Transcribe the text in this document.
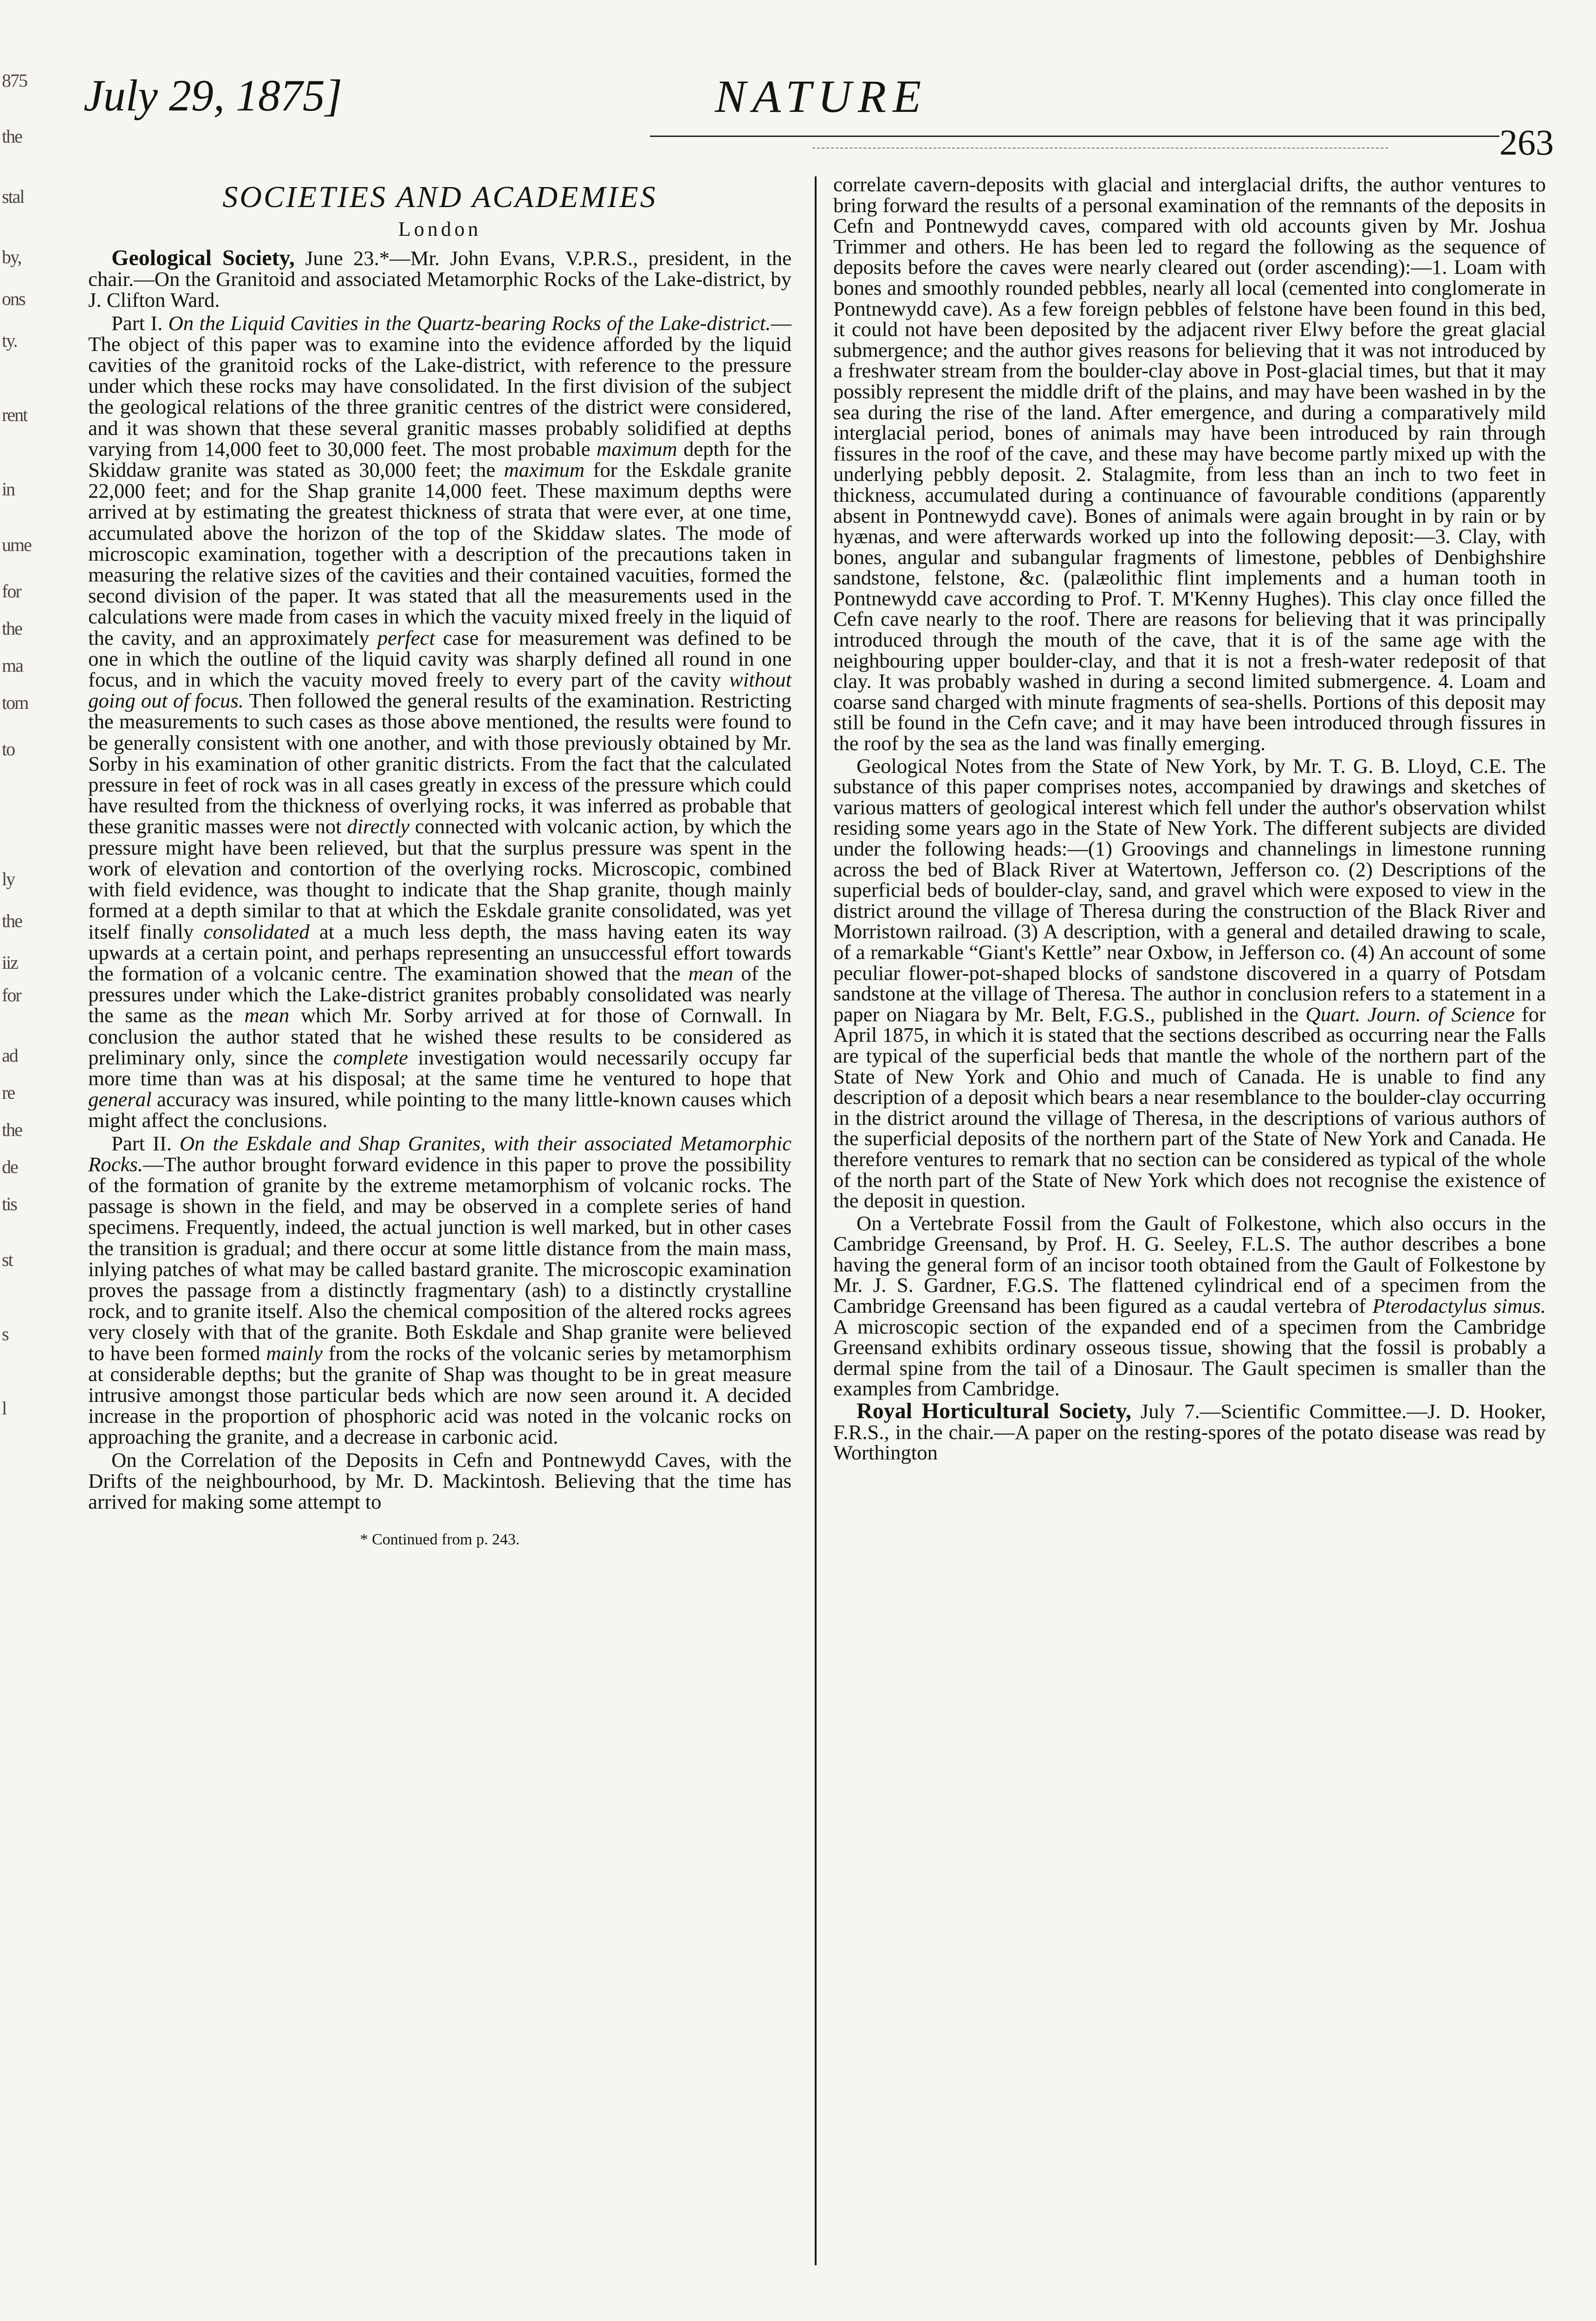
875
the
stal
by,
ons
ty.
rent
in
ume
for
the
ma
tom
to
ly
the
iiz
for
ad
re
the
de
tis
st
s
l
July 29, 1875]	NATURE
263
SOCIETIES AND ACADEMIES
London

Geological Society, June 23.*—Mr. John Evans, V.P.R.S., president, in the chair.—On the Granitoid and associated Metamorphic Rocks of the Lake-district, by J. Clifton Ward.

Part I. On the Liquid Cavities in the Quartz-bearing Rocks of the Lake-district.—The object of this paper was to examine into the evidence afforded by the liquid cavities of the granitoid rocks of the Lake-district, with reference to the pressure under which these rocks may have consolidated. In the first division of the subject the geological relations of the three granitic centres of the district were considered, and it was shown that these several granitic masses probably solidified at depths varying from 14,000 feet to 30,000 feet. The most probable maximum depth for the Skiddaw granite was stated as 30,000 feet; the maximum for the Eskdale granite 22,000 feet; and for the Shap granite 14,000 feet. These maximum depths were arrived at by estimating the greatest thickness of strata that were ever, at one time, accumulated above the horizon of the top of the Skiddaw slates. The mode of microscopic examination, together with a description of the precautions taken in measuring the relative sizes of the cavities and their contained vacuities, formed the second division of the paper. It was stated that all the measurements used in the calculations were made from cases in which the vacuity mixed freely in the liquid of the cavity, and an approximately perfect case for measurement was defined to be one in which the outline of the liquid cavity was sharply defined all round in one focus, and in which the vacuity moved freely to every part of the cavity without going out of focus. Then followed the general results of the examination. Restricting the measurements to such cases as those above mentioned, the results were found to be generally consistent with one another, and with those previously obtained by Mr. Sorby in his examination of other granitic districts. From the fact that the calculated pressure in feet of rock was in all cases greatly in excess of the pressure which could have resulted from the thickness of overlying rocks, it was inferred as probable that these granitic masses were not directly connected with volcanic action, by which the pressure might have been relieved, but that the surplus pressure was spent in the work of elevation and contortion of the overlying rocks. Microscopic, combined with field evidence, was thought to indicate that the Shap granite, though mainly formed at a depth similar to that at which the Eskdale granite consolidated, was yet itself finally consolidated at a much less depth, the mass having eaten its way upwards at a certain point, and perhaps representing an unsuccessful effort towards the formation of a volcanic centre. The examination showed that the mean of the pressures under which the Lake-district granites probably consolidated was nearly the same as the mean which Mr. Sorby arrived at for those of Cornwall. In conclusion the author stated that he wished these results to be considered as preliminary only, since the complete investigation would necessarily occupy far more time than was at his disposal; at the same time he ventured to hope that general accuracy was insured, while pointing to the many little-known causes which might affect the conclusions.

Part II. On the Eskdale and Shap Granites, with their associated Metamorphic Rocks.—The author brought forward evidence in this paper to prove the possibility of the formation of granite by the extreme metamorphism of volcanic rocks. The passage is shown in the field, and may be observed in a complete series of hand specimens. Frequently, indeed, the actual junction is well marked, but in other cases the transition is gradual; and there occur at some little distance from the main mass, inlying patches of what may be called bastard granite. The microscopic examination proves the passage from a distinctly fragmentary (ash) to a distinctly crystalline rock, and to granite itself. Also the chemical composition of the altered rocks agrees very closely with that of the granite. Both Eskdale and Shap granite were believed to have been formed mainly from the rocks of the volcanic series by metamorphism at considerable depths; but the granite of Shap was thought to be in great measure intrusive amongst those particular beds which are now seen around it. A decided increase in the proportion of phosphoric acid was noted in the volcanic rocks on approaching the granite, and a decrease in carbonic acid.

On the Correlation of the Deposits in Cefn and Pontnewydd Caves, with the Drifts of the neighbourhood, by Mr. D. Mackintosh. Believing that the time has arrived for making some attempt to

* Continued from p. 243.

correlate cavern-deposits with glacial and interglacial drifts, the author ventures to bring forward the results of a personal examination of the remnants of the deposits in Cefn and Pontnewydd caves, compared with old accounts given by Mr. Joshua Trimmer and others. He has been led to regard the following as the sequence of deposits before the caves were nearly cleared out (order ascending):—1. Loam with bones and smoothly rounded pebbles, nearly all local (cemented into conglomerate in Pontnewydd cave). As a few foreign pebbles of felstone have been found in this bed, it could not have been deposited by the adjacent river Elwy before the great glacial submergence; and the author gives reasons for believing that it was not introduced by a freshwater stream from the boulder-clay above in Post-glacial times, but that it may possibly represent the middle drift of the plains, and may have been washed in by the sea during the rise of the land. After emergence, and during a comparatively mild interglacial period, bones of animals may have been introduced by rain through fissures in the roof of the cave, and these may have become partly mixed up with the underlying pebbly deposit. 2. Stalagmite, from less than an inch to two feet in thickness, accumulated during a continuance of favourable conditions (apparently absent in Pontnewydd cave). Bones of animals were again brought in by rain or by hyænas, and were afterwards worked up into the following deposit:—3. Clay, with bones, angular and subangular fragments of limestone, pebbles of Denbighshire sandstone, felstone, &c. (palæolithic flint implements and a human tooth in Pontnewydd cave according to Prof. T. M'Kenny Hughes). This clay once filled the Cefn cave nearly to the roof. There are reasons for believing that it was principally introduced through the mouth of the cave, that it is of the same age with the neighbouring upper boulder-clay, and that it is not a fresh-water redeposit of that clay. It was probably washed in during a second limited submergence. 4. Loam and coarse sand charged with minute fragments of sea-shells. Portions of this deposit may still be found in the Cefn cave; and it may have been introduced through fissures in the roof by the sea as the land was finally emerging.

Geological Notes from the State of New York, by Mr. T. G. B. Lloyd, C.E. The substance of this paper comprises notes, accompanied by drawings and sketches of various matters of geological interest which fell under the author's observation whilst residing some years ago in the State of New York. The different subjects are divided under the following heads:—(1) Groovings and channelings in limestone running across the bed of Black River at Watertown, Jefferson co. (2) Descriptions of the superficial beds of boulder-clay, sand, and gravel which were exposed to view in the district around the village of Theresa during the construction of the Black River and Morristown railroad. (3) A description, with a general and detailed drawing to scale, of a remarkable “Giant's Kettle” near Oxbow, in Jefferson co. (4) An account of some peculiar flower-pot-shaped blocks of sandstone discovered in a quarry of Potsdam sandstone at the village of Theresa. The author in conclusion refers to a statement in a paper on Niagara by Mr. Belt, F.G.S., published in the Quart. Journ. of Science for April 1875, in which it is stated that the sections described as occurring near the Falls are typical of the superficial beds that mantle the whole of the northern part of the State of New York and Ohio and much of Canada. He is unable to find any description of a deposit which bears a near resemblance to the boulder-clay occurring in the district around the village of Theresa, in the descriptions of various authors of the superficial deposits of the northern part of the State of New York and Canada. He therefore ventures to remark that no section can be considered as typical of the whole of the north part of the State of New York which does not recognise the existence of the deposit in question.

On a Vertebrate Fossil from the Gault of Folkestone, which also occurs in the Cambridge Greensand, by Prof. H. G. Seeley, F.L.S. The author describes a bone having the general form of an incisor tooth obtained from the Gault of Folkestone by Mr. J. S. Gardner, F.G.S. The flattened cylindrical end of a specimen from the Cambridge Greensand has been figured as a caudal vertebra of Pterodactylus simus. A microscopic section of the expanded end of a specimen from the Cambridge Greensand exhibits ordinary osseous tissue, showing that the fossil is probably a dermal spine from the tail of a Dinosaur. The Gault specimen is smaller than the examples from Cambridge.

Royal Horticultural Society, July 7.—Scientific Committee.—J. D. Hooker, F.R.S., in the chair.—A paper on the resting-spores of the potato disease was read by Worthington
